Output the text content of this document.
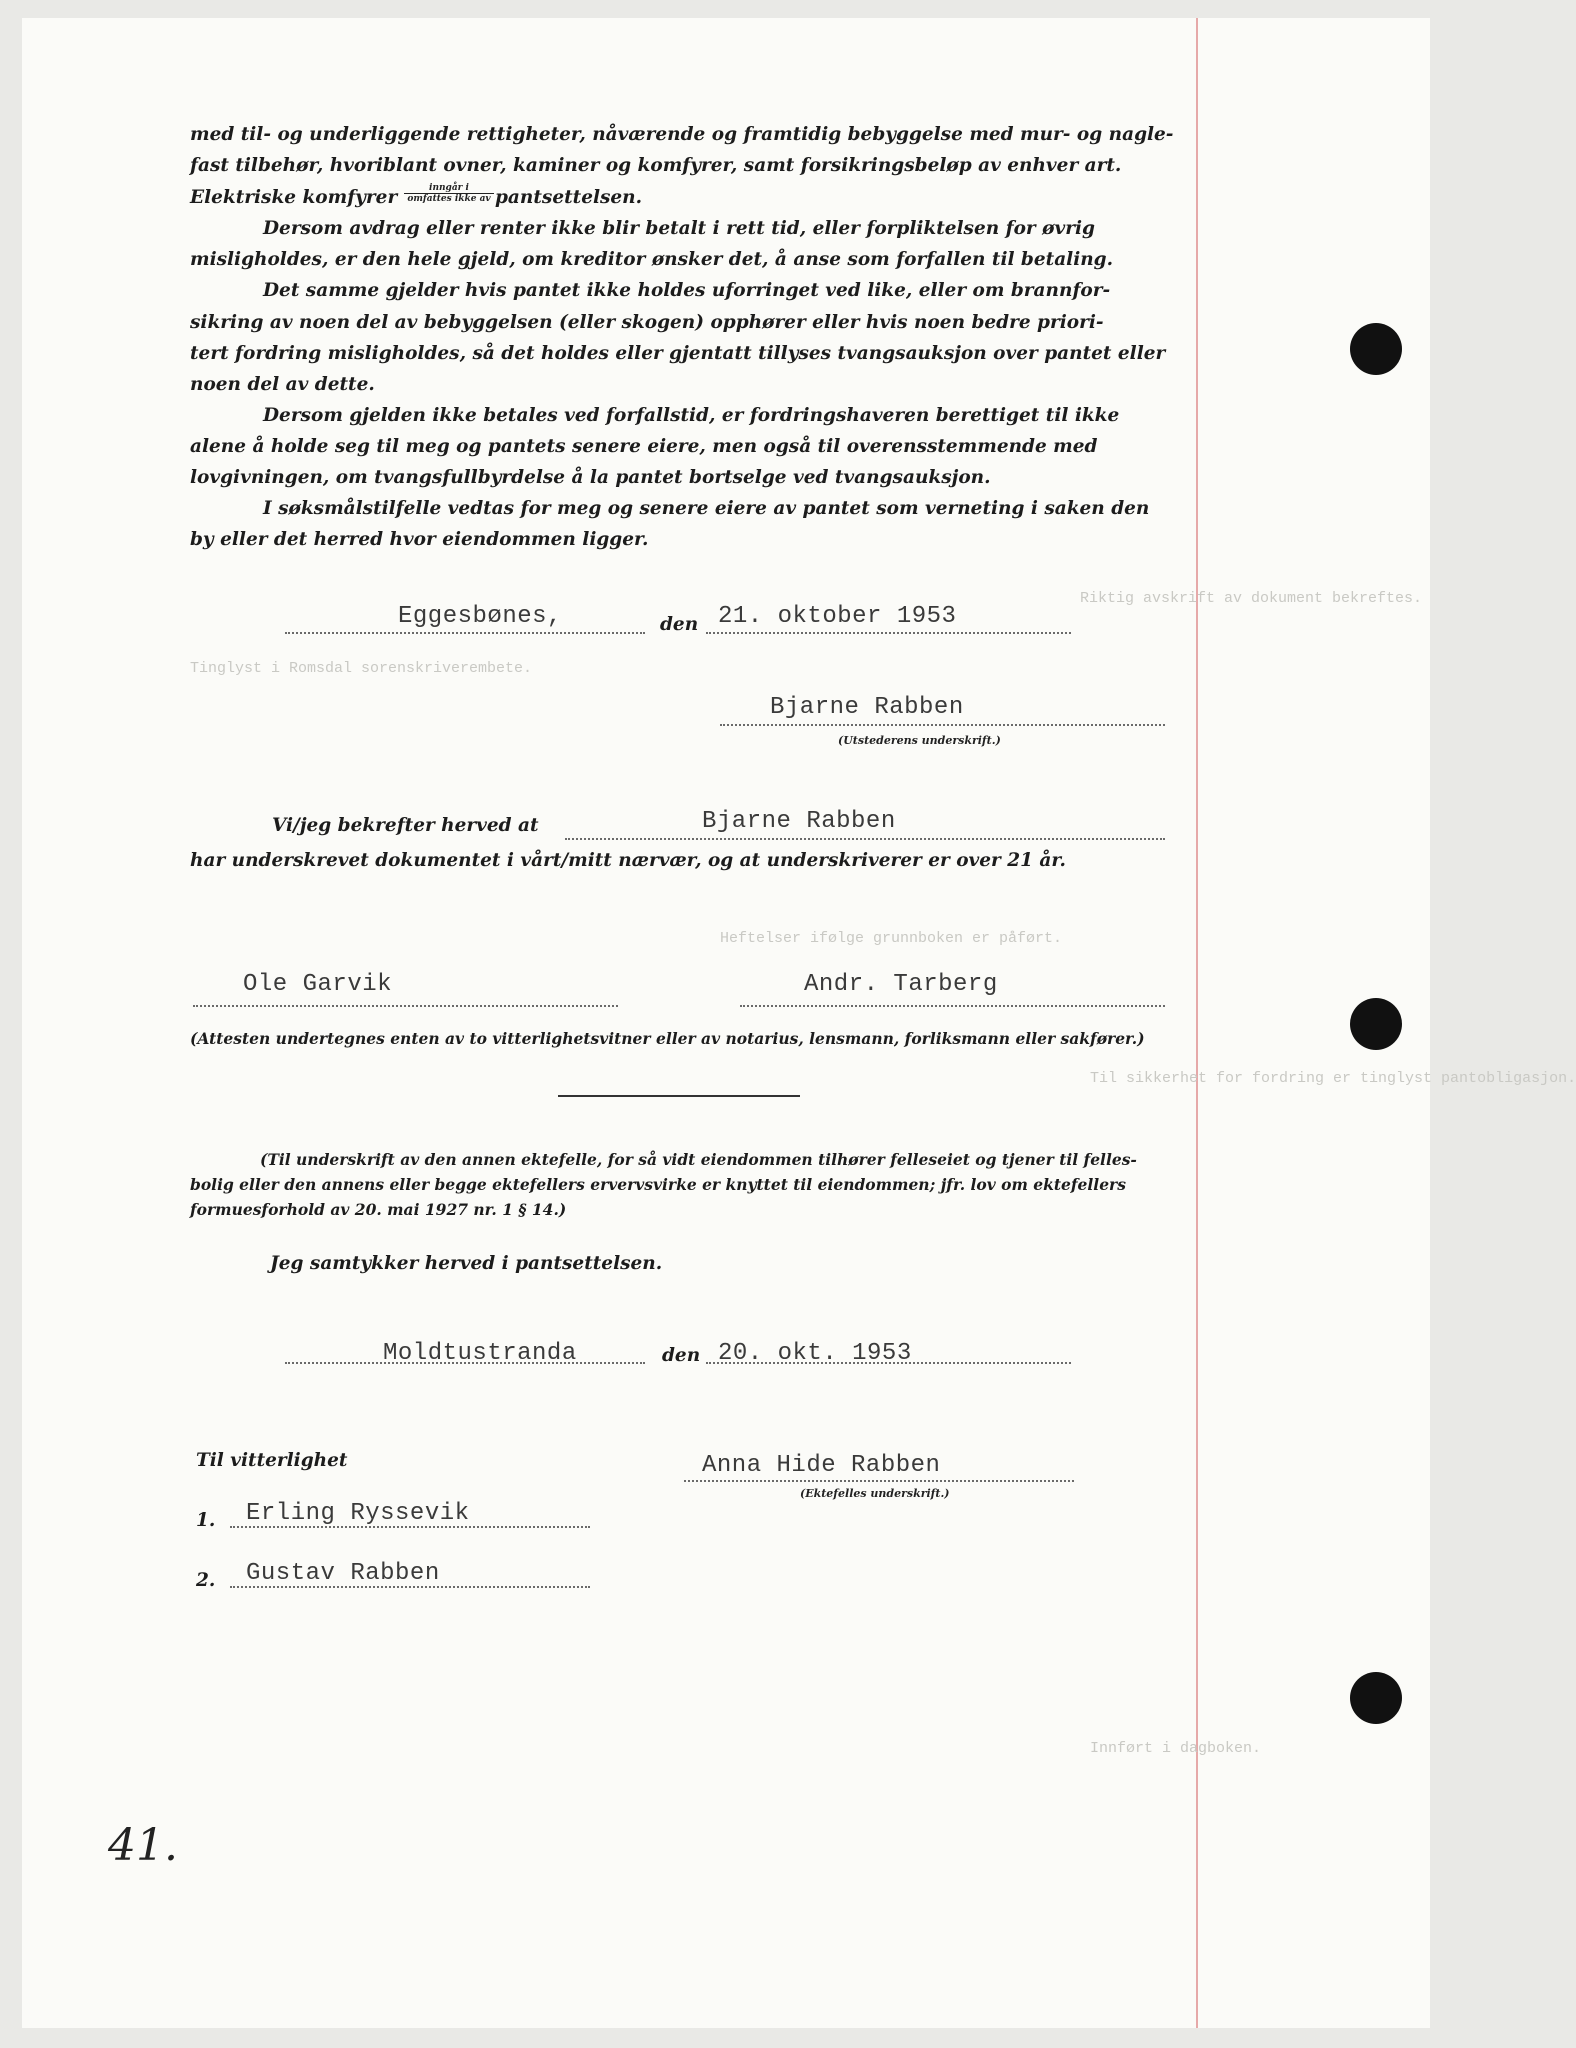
Riktig avskrift av dokument bekreftes.
Tinglyst i Romsdal sorenskriverembete.
Heftelser ifølge grunnboken er påført.
Til sikkerhet for fordring er tinglyst pantobligasjon.
Innført i dagboken.
med til- og underliggende rettigheter, nåværende og framtidig bebyggelse med mur- og nagle-
fast tilbehør, hvoriblant ovner, kaminer og komfyrer, samt forsikringsbeløp av enhver art.
Elektriske komfyrer	inngår i
omfattes ikke av pantsettelsen.
Dersom avdrag eller renter ikke blir betalt i rett tid, eller forpliktelsen for øvrig
misligholdes, er den hele gjeld, om kreditor ønsker det, å anse som forfallen til betaling.
Det samme gjelder hvis pantet ikke holdes uforringet ved like, eller om brannfor-
sikring av noen del av bebyggelsen (eller skogen) opphører eller hvis noen bedre priori-
tert fordring misligholdes, så det holdes eller gjentatt tillyses tvangsauksjon over pantet eller
noen del av dette.
Dersom gjelden ikke betales ved forfallstid, er fordringshaveren berettiget til ikke
alene å holde seg til meg og pantets senere eiere, men også til overensstemmende med
lovgivningen, om tvangsfullbyrdelse å la pantet bortselge ved tvangsauksjon.
I søksmålstilfelle vedtas for meg og senere eiere av pantet som verneting i saken den
by eller det herred hvor eiendommen ligger.
Eggesbønes,	den 21. oktober 1953
Bjarne Rabben
(Utstederens underskrift.)
Vi/jeg bekrefter herved at	Bjarne Rabben
har underskrevet dokumentet i vårt/mitt nærvær, og at underskriverer er over 21 år.
Ole Garvik	Andr. Tarberg
(Attesten undertegnes enten av to vitterlighetsvitner eller av notarius, lensmann, forliksmann eller sakfører.)
(Til underskrift av den annen ektefelle, for så vidt eiendommen tilhører felleseiet og tjener til felles-
bolig eller den annens eller begge ektefellers ervervsvirke er knyttet til eiendommen; jfr. lov om ektefellers
formuesforhold av 20. mai 1927 nr. 1 § 14.)
Jeg samtykker herved i pantsettelsen.
Moldtustranda	den 20. okt. 1953
Til vitterlighet	Anna Hide Rabben
(Ektefelles underskrift.)
1. Erling Ryssevik
2. Gustav Rabben
41.
